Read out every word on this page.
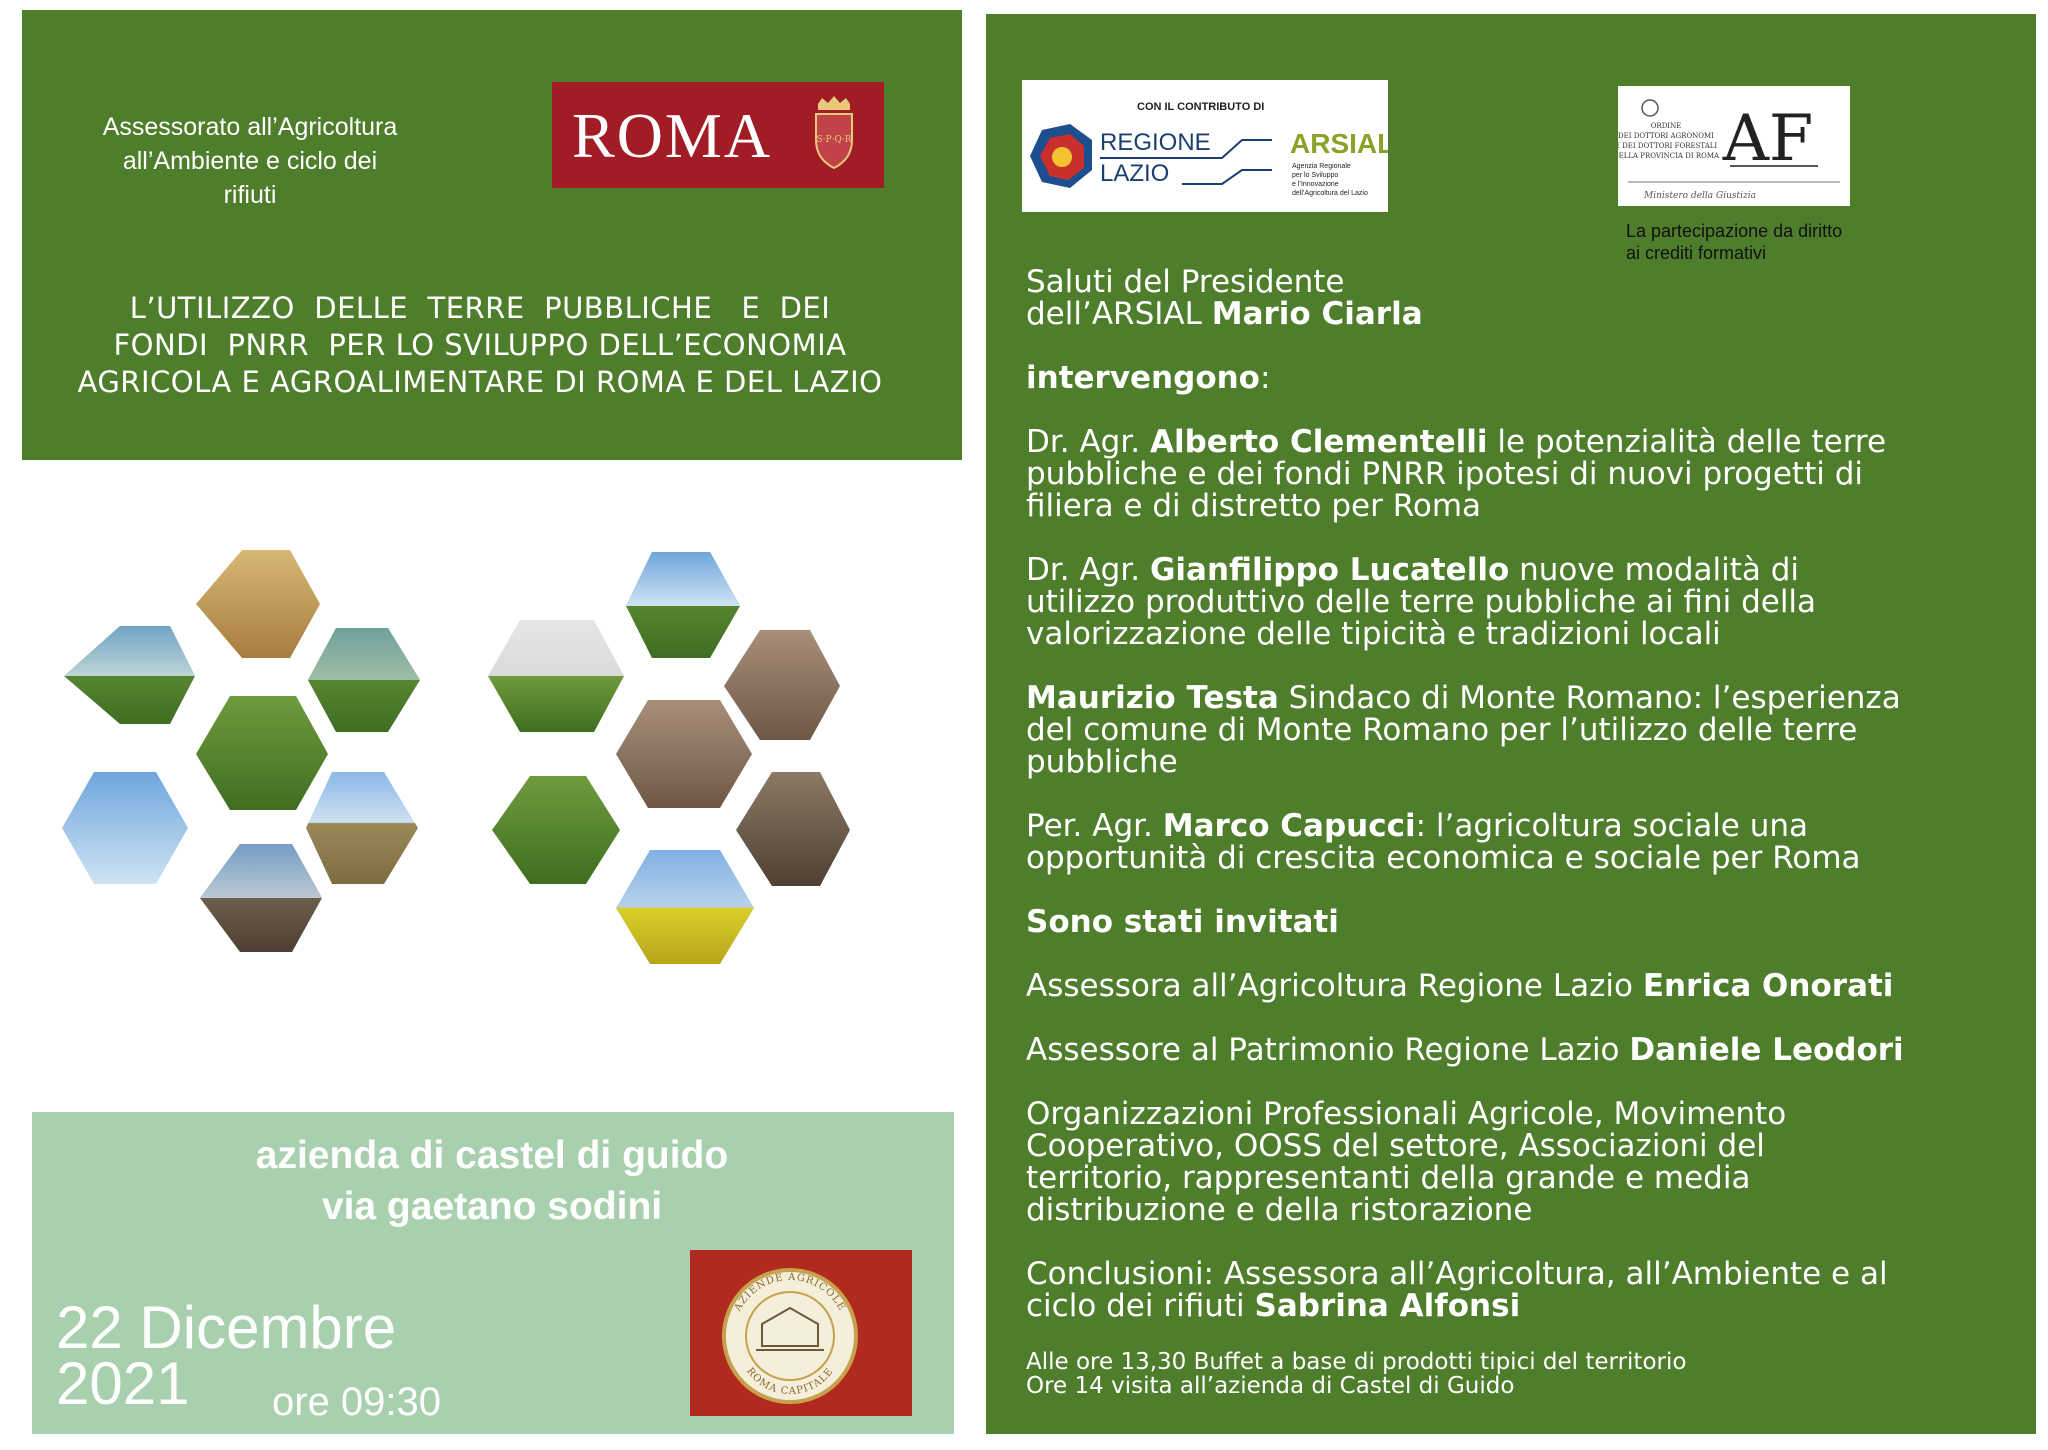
Assessorato all’Agricoltura
all’Ambiente e ciclo dei rifiuti
ROMA	S·P·Q·R
L’UTILIZZO  DELLE  TERRE  PUBBLICHE   E  DEI
FONDI  PNRR  PER LO SVILUPPO DELL’ECONOMIA
AGRICOLA E AGROALIMENTARE DI ROMA E DEL LAZIO
azienda di castel di guido
via gaetano sodini
22 Dicembre
2021	ore 09:30
AZIENDE AGRICOLE
ROMA CAPITALE
CON IL CONTRIBUTO DI
REGIONE
LAZIO
ARSIAL
Agenzia Regionale
per lo Sviluppo
e l’Innovazione
dell’Agricoltura del Lazio
ORDINE
DEI DOTTORI AGRONOMI
E DEI DOTTORI FORESTALI
DELLA PROVINCIA DI ROMA AF
Ministero della Giustizia
La partecipazione da diritto
ai crediti formativi

Saluti del Presidente
dell’ARSIAL Mario Ciarla

intervengono:

Dr. Agr. Alberto Clementelli le potenzialità delle terre
pubbliche e dei fondi PNRR ipotesi di nuovi progetti di
filiera e di distretto per Roma

Dr. Agr. Gianfilippo Lucatello nuove modalità di
utilizzo produttivo delle terre pubbliche ai fini della
valorizzazione delle tipicità e tradizioni locali

Maurizio Testa Sindaco di Monte Romano: l’esperienza
del comune di Monte Romano per l’utilizzo delle terre
pubbliche

Per. Agr. Marco Capucci: l’agricoltura sociale una
opportunità di crescita economica e sociale per Roma

Sono stati invitati

Assessora all’Agricoltura Regione Lazio Enrica Onorati

Assessore al Patrimonio Regione Lazio Daniele Leodori

Organizzazioni Professionali Agricole, Movimento
Cooperativo, OOSS del settore, Associazioni del
territorio, rappresentanti della grande e media
distribuzione e della ristorazione

Conclusioni: Assessora all’Agricoltura, all’Ambiente e al
ciclo dei rifiuti Sabrina Alfonsi

Alle ore 13,30 Buffet a base di prodotti tipici del territorio
Ore 14 visita all’azienda di Castel di Guido
